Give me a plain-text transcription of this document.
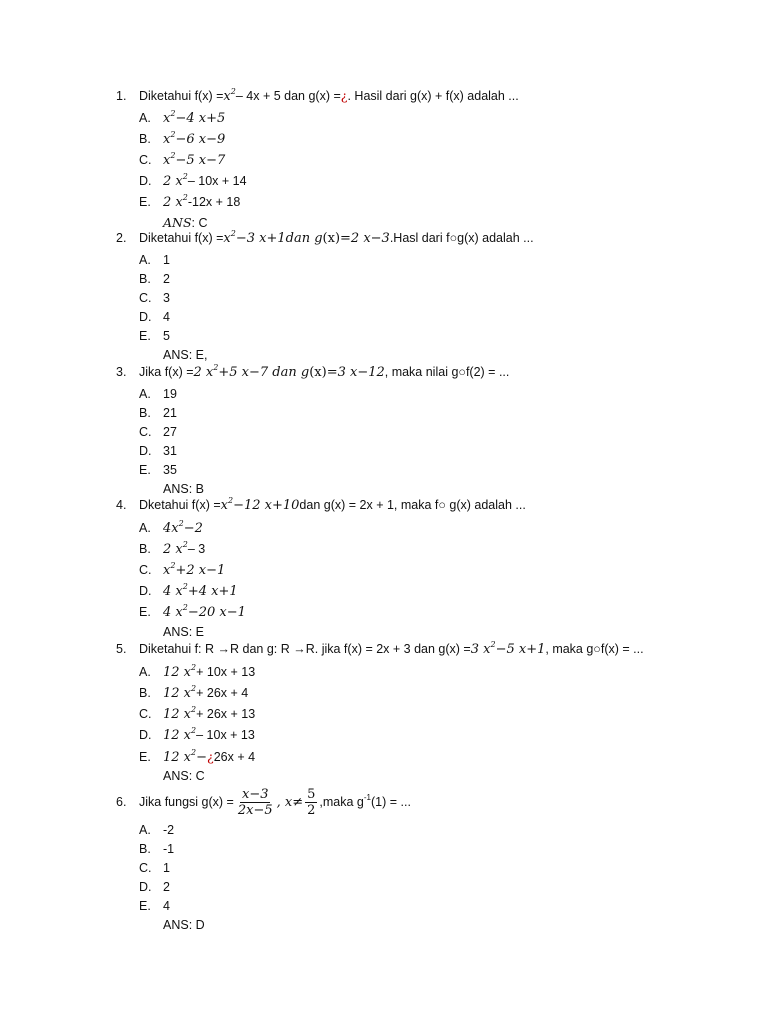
1.	Diketahui $f(x) = x^2 - 4x + 5$ dan g(x) = ¿ . Hasil dari g(x) + f(x) adalah ...
A. $x^2-4$ x+5
B. $x^2-6$ x−9
C. $x^2-5$ x−7
D. 2 $x^2 - 10x + 14$
E. 2 $x^2$ -12x + 18
ANS: C
2.	Diketahui $f(x) = x^2-3$ x+1dan g(x)=2 x−3 .Hasl dari f○g(x) adalah ...
A. 1
B. 2
C. 3
D. 4
E. 5
ANS: E,
3.	Jika f(x) = 2 $x^2+5$ x−7 dan g(x)=3 x−12 , maka nilai g○f(2) = ...
A. 19
B. 21
C. 27
D. 31
E. 35
ANS: B
4.	Dketahui $f(x) = x^2-12$ x+10 dan g(x) = 2x + 1, maka f○ g(x) adalah ...
A. $4x^2-2$
B. 2 $x^2 - 3$
C. $x^2+2$ x−1
D. 4 $x^2+4$ x+1
E. 4 $x^2-20$ x−1
ANS: E
5.	Diketahui f: R →R dan g: R →R. jika f(x) = 2x + 3 dan g(x) = 3 $x^2-5$ x+1 , maka g○f(x) = ...
A. 12 $x^2 + 10x + 13$
B. 12 $x^2 + 26x + 4$
C. 12 $x^2 + 26x + 13$
D. 12 $x^2 - 10x + 13$
E. 12 $x^2-$ ¿ 26x + 4
ANS: C
6.	Jika fungsi $g(x) = \frac{x-3}{2x-5}$ , $x\ne \frac{5}{2}$ ,maka $g^{-1}(1)$ = ...
A. -2
B. -1
C. 1
D. 2
E. 4
ANS: D
